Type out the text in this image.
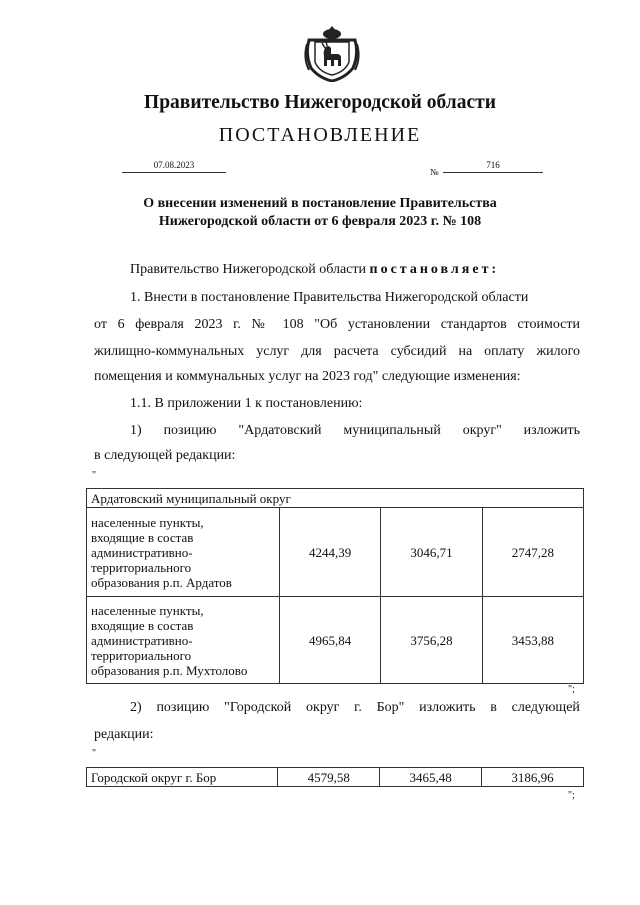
Правительство Нижегородской области
ПОСТАНОВЛЕНИЕ
07.08.2023
№
716
О внесении изменений в постановление Правительства
Нижегородской области от 6 февраля 2023 г. № 108
Правительство Нижегородской области постановляет:
1. Внести в постановление Правительства Нижегородской области
от 6 февраля 2023 г. № 108 "Об установлении стандартов стоимости
жилищно-коммунальных услуг для расчета субсидий на оплату жилого
помещения и коммунальных услуг на 2023 год" следующие изменения:
1.1. В приложении 1 к постановлению:
1) позицию "Ардатовский муниципальный округ" изложить
в следующей редакции:
"
Ардатовский муниципальный округ			

населенные пункты,
входящие в состав
административно-
территориального
образования р.п. Ардатов	4244,39	3046,71	2747,28

населенные пункты,
входящие в состав
административно-
территориального
образования р.п. Мухтолово	4965,84	3756,28	3453,88
";
2) позицию "Городской округ г. Бор" изложить в следующей
редакции:
"
Городской округ г. Бор	4579,58	3465,48	3186,96
";
